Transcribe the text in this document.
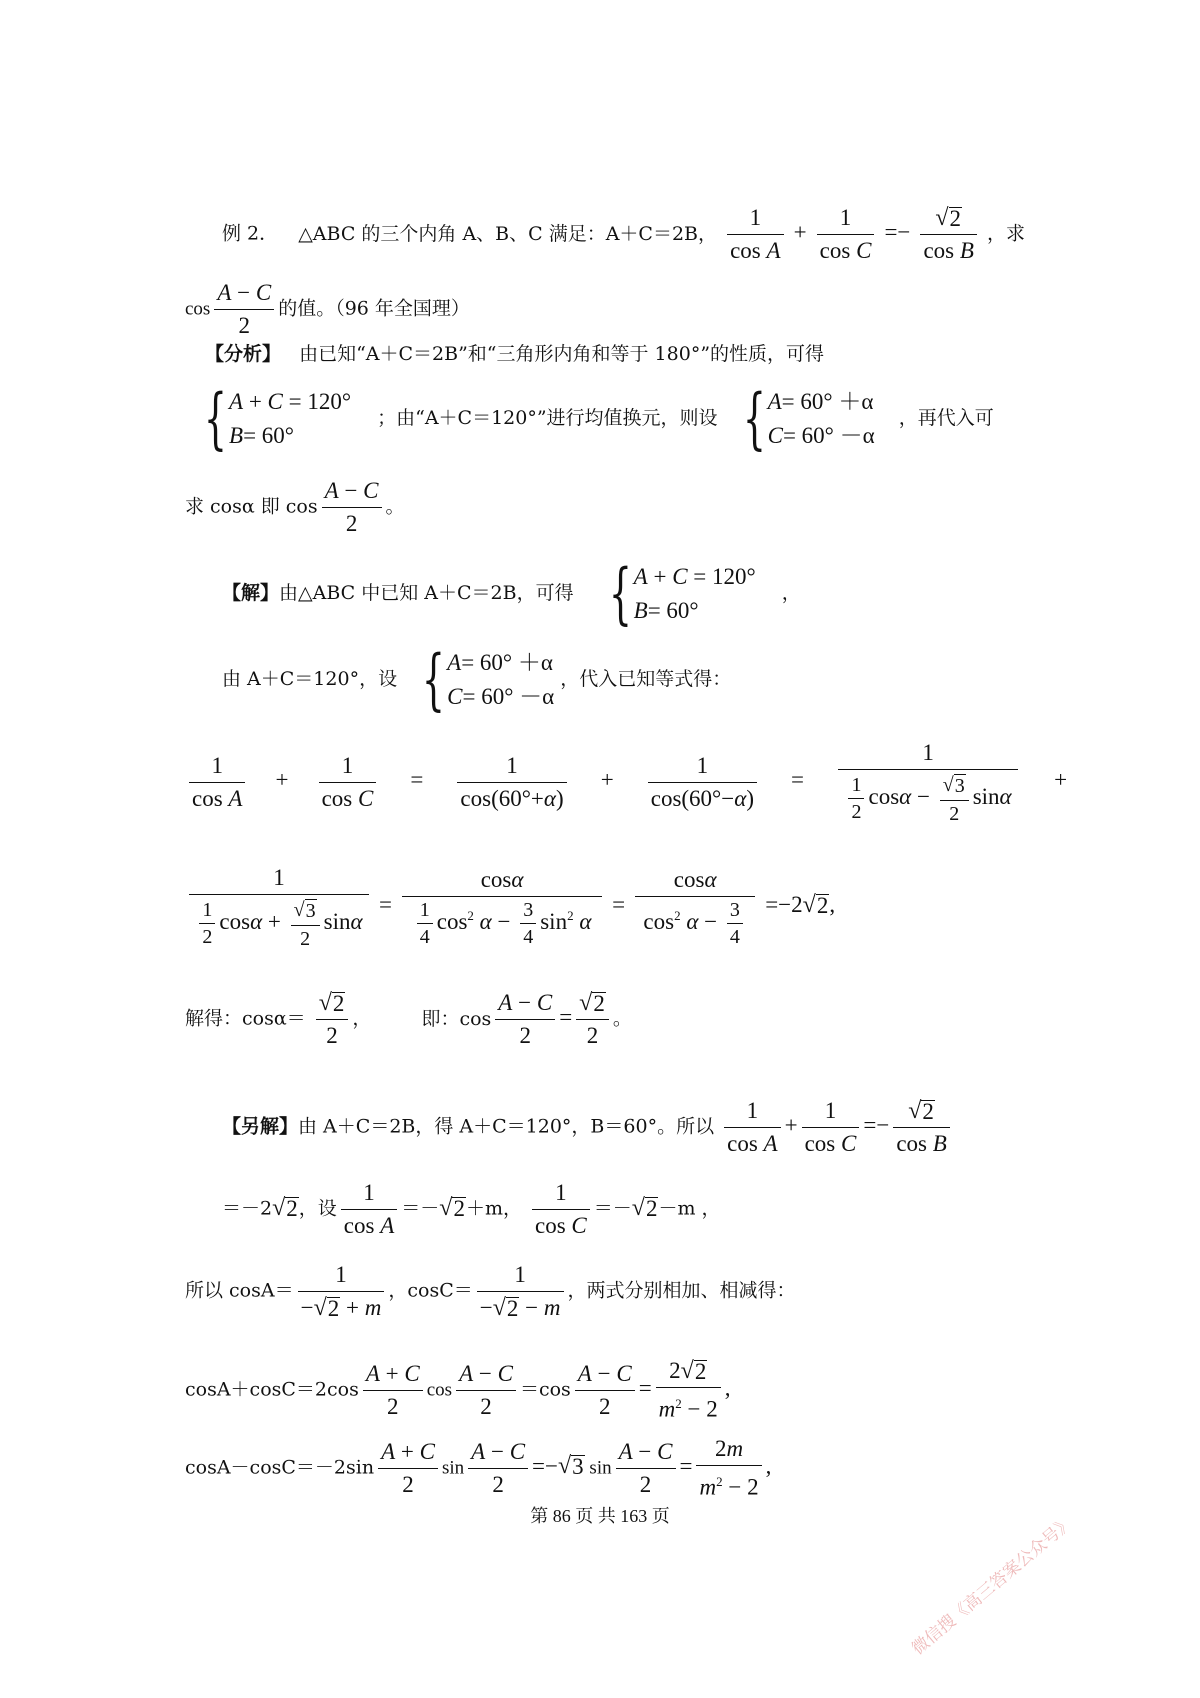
例 2． △ABC 的三个内角 A、B、C 满足：A＋C＝2B， $\frac{1}{\text{cos A}} + \frac{1}{\text{cos C}} =- \frac{√ 2}{\text{cos B}}$ ，求
$\cos \frac{A - C}{2}$ 的值。（96 年全国理）
【分析】 由已知“A＋C＝2B”和“三角形内角和等于 180°”的性质，可得
{ A + C = 120°
B= 60°
；由“A＋C＝120°”进行均值换元，则设 { A= 60° ＋α
C= 60° －α
，再代入可
求 cosα 即 $\cos \frac{A - C}{2}$ 。
【解】由△ABC 中已知 A＋C＝2B，可得 { A + C = 120°
B= 60°
，
由 A＋C＝120°，设 { A= 60° ＋α
C= 60° －α
，代入已知等式得：
$\frac{1}{\text{cos A}} + \frac{1}{\text{cos C}} = \frac{1}{\cos(60^\circ+\alpha)} + \frac{1}{\cos(60^\circ-\alpha)} = \frac{1}{\frac{1}{2} \cos\alpha - \frac{√ 3}{2} \sin\alpha}$ +
$\frac{1}{\frac{1}{2} \cos\alpha + \frac{√ 3}{2} \sin\alpha} = \frac{\cos\alpha}{\frac{1}{4} \cos^2 \alpha - \frac{3}{4} \sin^2 \alpha} = \frac{\cos\alpha}{\cos^2 \alpha - \frac{3}{4}} =-2$ √ 2 ,
解得：$\cos\alpha= \frac{√ 2}{2}$ ，	即：$\cos \frac{A - C}{2} = \frac{√ 2}{2}$ 。
【另解】由 A＋C＝2B，得 A＋C＝120°，B＝60°。所以 $\frac{1}{\text{cos A}} + \frac{1}{\text{cos C}} =- \frac{√ 2}{\text{cos B}}$
＝－2 √ 2 ，设 $\frac{1}{\text{cos A}}$ ＝－ √ 2 ＋m， $\frac{1}{\text{cos C}}$ ＝－ √ 2 －m ，
所以 $\cos A= \frac{1}{- √ 2 + m}$ ，$\cos C= \frac{1}{- √ 2 - m}$ ，两式分别相加、相减得：
$\cos A+\cos C=2\cos \frac{A + C}{2}$ $\cos \frac{A - C}{2} =\cos \frac{A - C}{2} = \frac{2 √ 2}{m^2 - 2}$ ,
$\cos A-\cos C=-2\sin \frac{A + C}{2}$ $\sin \frac{A - C}{2}$ =− √ 3 $\sin \frac{A - C}{2} = \frac{2m}{m^2 - 2}$ ,
第 86 页 共 163 页	微信搜《高三答案公众号》
